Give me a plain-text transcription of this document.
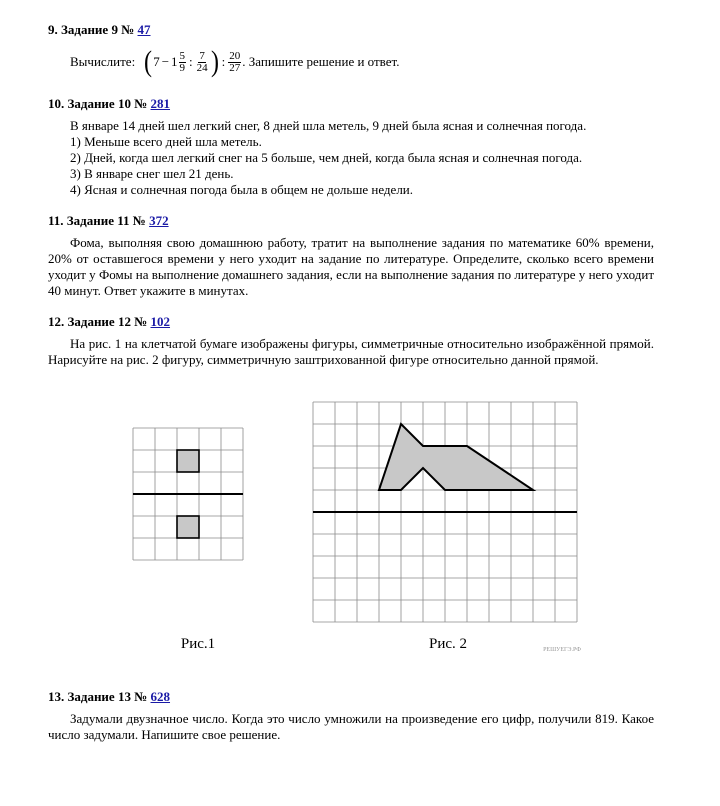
9. Задание 9 № 47
Вычислите: ( $7 - 1 \frac{5}{9}$ : $\frac{7}{24}$ ) : $\frac{20}{27}$ . Запишите решение и ответ.
10. Задание 10 № 281
В январе 14 дней шел легкий снег, 8 дней шла метель, 9 дней была ясная и солнечная погода.
1) Меньше всего дней шла метель.
2) Дней, когда шел легкий снег на 5 больше, чем дней, когда была ясная и солнечная погода.
3) В январе снег шел 21 день.
4) Ясная и солнечная погода была в общем не дольше недели.
11. Задание 11 № 372

Фома, выполняя свою домашнюю работу, тратит на выполнение задания по математике 60% времени, 20% от оставшегося времени у него уходит на задание по литературе. Определите, сколько всего времени уходит у Фомы на выполнение домашнего задания, если на выполнение задания по литературе у него уходит 40 минут. Ответ укажите в минутах.

12. Задание 12 № 102

На рис. 1 на клетчатой бумаге изображены фигуры, симметричные относительно изображённой прямой. Нарисуйте на рис. 2 фигуру, симметричную заштрихованной фигуре относительно данной прямой.

Рис.1	Рис. 2	РЕШУЕГЭ.РФ
13. Задание 13 № 628

Задумали двузначное число. Когда это число умножили на произведение его цифр, получили 819. Какое число задумали. Напишите свое решение.
